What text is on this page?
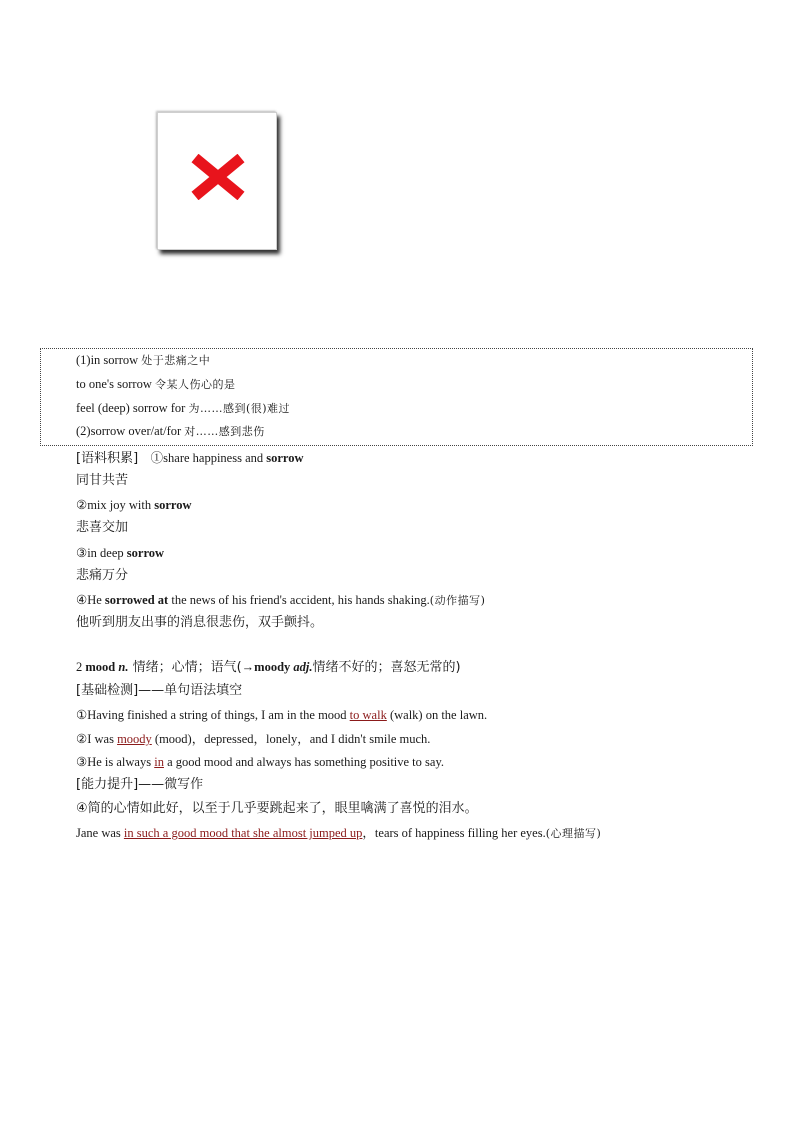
(1)in sorrow 处于悲痛之中
to one's sorrow 令某人伤心的是
feel (deep) sorrow for 为……感到(很)难过
(2)sorrow over/at/for 对……感到悲伤
[语料积累]　①share happiness and sorrow
同甘共苦
②mix joy with sorrow
悲喜交加
③in deep sorrow
悲痛万分
④He sorrowed at the news of his friend's accident, his hands shaking.(动作描写)
他听到朋友出事的消息很悲伤，双手颤抖。
2 mood n. 情绪；心情；语气(→moody adj.情绪不好的；喜怒无常的)
[基础检测]——单句语法填空
①Having finished a string of things, I am in the mood to walk (walk) on the lawn.
②I was moody (mood)，depressed，lonely，and I didn't smile much.
③He is always in a good mood and always has something positive to say.
[能力提升]——微写作
④简的心情如此好，以至于几乎要跳起来了，眼里噙满了喜悦的泪水。
Jane was in such a good mood that she almost jumped up，tears of happiness filling her eyes.(心理描写)
